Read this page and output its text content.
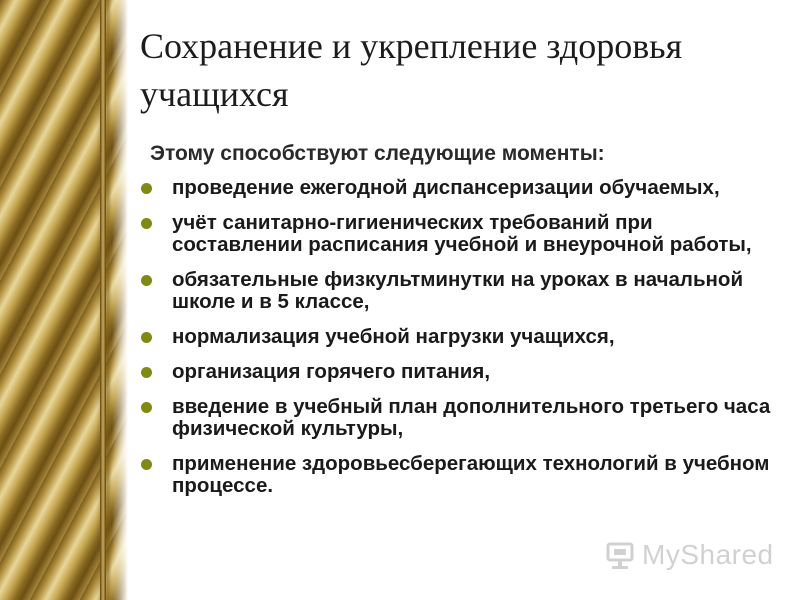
Сохранение и укрепление здоровья учащихся

Этому способствуют следующие моменты:

проведение ежегодной диспансеризации обучаемых,
учёт санитарно-гигиенических требований при составлении расписания учебной и внеурочной работы,
обязательные физкультминутки на уроках в начальной школе и в 5 классе,
нормализация учебной нагрузки учащихся,
организация горячего питания,
введение в учебный план дополнительного третьего часа физической культуры,
применение здоровьесберегающих технологий в учебном процессе.
MyShared
